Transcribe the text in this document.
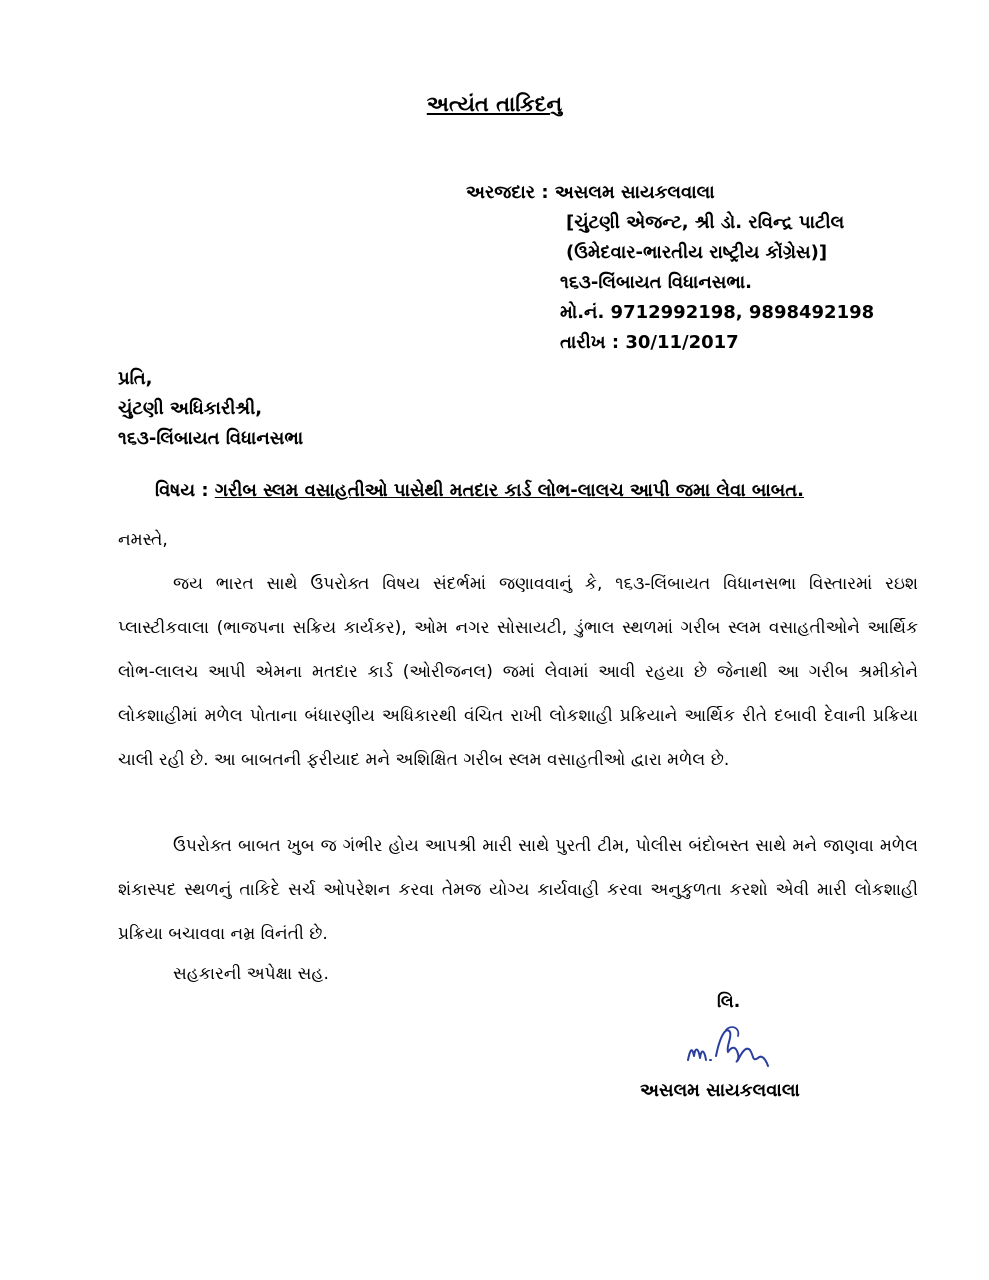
અત્યંત તાકિદનુ
અરજદાર : અસલમ સાયકલવાલા
[ચુંટણી એજન્ટ, શ્રી ડો. રવિન્દ્ર પાટીલ
(ઉમેદવાર-ભારતીય રાષ્ટ્રીય કોંગ્રેસ)]
૧૬૩-લિંબાયત વિધાનસભા.
મો.નં. 9712992198, 9898492198
તારીખ : 30/11/2017
પ્રતિ,
ચુંટણી અધિકારીશ્રી,
૧૬૩-લિંબાયત વિધાનસભા
વિષય : ગરીબ સ્લમ વસાહતીઓ પાસેથી મતદાર કાર્ડ લોભ-લાલચ આપી જમા લેવા બાબત.
નમસ્તે,
જય ભારત સાથે ઉપરોક્ત વિષય સંદર્ભમાં જણાવવાનું કે, ૧૬૩-લિંબાયત વિધાનસભા વિસ્તારમાં રઇશ પ્લાસ્ટીકવાલા (ભાજપના સક્રિય કાર્યકર), ઓમ નગર સોસાયટી, ડુંભાલ સ્થળમાં ગરીબ સ્લમ વસાહતીઓને આર્થિક લોભ-લાલચ આપી એમના મતદાર કાર્ડ (ઓરીજનલ) જમાં લેવામાં આવી રહયા છે જેનાથી આ ગરીબ શ્રમીકોને લોકશાહીમાં મળેલ પોતાના બંધારણીય અધિકારથી વંચિત રાખી લોકશાહી પ્રક્રિયાને આર્થિક રીતે દબાવી દેવાની પ્રક્રિયા ચાલી રહી છે. આ બાબતની ફરીયાદ મને અશિક્ષિત ગરીબ સ્લમ વસાહતીઓ દ્વારા મળેલ છે.
ઉપરોક્ત બાબત ખુબ જ ગંભીર હોય આપશ્રી મારી સાથે પુરતી ટીમ, પોલીસ બંદોબસ્ત સાથે મને જાણવા મળેલ શંકાસ્પદ સ્થળનું તાકિદે સર્ચ ઓપરેશન કરવા તેમજ યોગ્ય કાર્યવાહી કરવા અનુકુળતા કરશો એવી મારી લોકશાહી પ્રક્રિયા બચાવવા નમ્ર વિનંતી છે.
સહકારની અપેક્ષા સહ.
લિ.
અસલમ સાયકલવાલા
